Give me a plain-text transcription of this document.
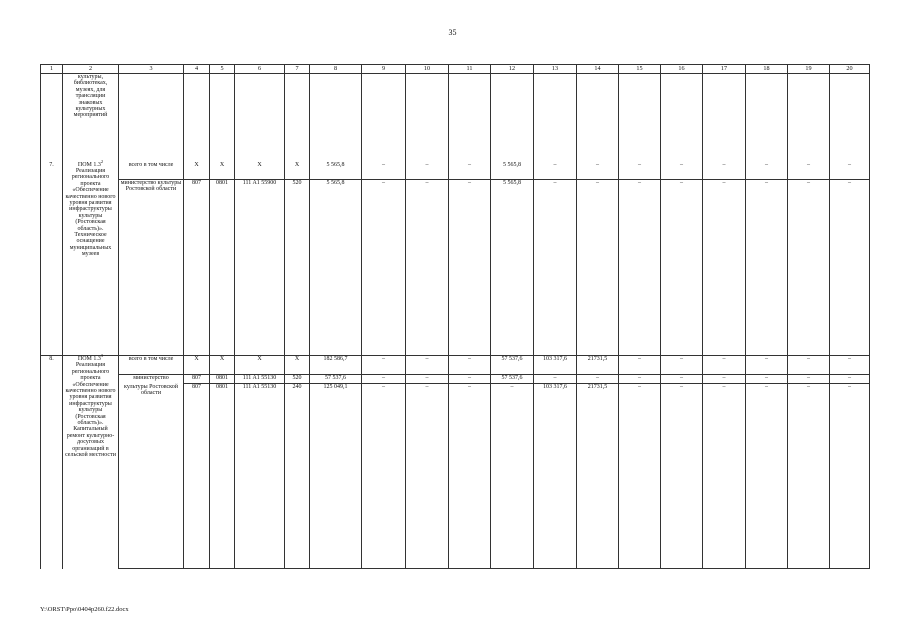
35
1	2	3	4	5	6	7	8	9	10	11	12	13	14	15	16	17	18	19	20
	культуры, библиотеках, музеях, для трансляции знаковых культурных мероприятий																		
7.	ПОМ $1.3^2$ Реализация регионального проекта «Обеспечение качественно нового уровня развития инфраструктуры культуры (Ростовская область)». Техническое оснащение муниципальных музеев	всего в том числе	X	X	X	X	5 565,8	–	–	–	5 565,8	–	–	–	–	–	–	–	–
		министерство культуры Ростовской области	807	0801	111 A1 55900	520	5 565,8	–	–	–	5 565,8	–	–	–	–	–	–	–	–

8.	ПОМ $1.3^3$ Реализация регионального проекта «Обеспечение качественно нового уровня развития инфраструктуры культуры (Ростовская область)». Капитальный ремонт культурно-досуговых организаций в сельской местности	всего в том числе	X	X	X	X	182 586,7	–	–	–	57 537,6	103 317,6	21731,5	–	–	–	–	–	–
		министерство	807	0801	111 A1 55130	520	57 537,6	–	–	–	57 537,6	–	–	–	–	–	–	–	–
		культуры Ростовской области	807	0801	111 A1 55130	240	125 049,1	–	–	–	–	103 317,6	21731,5	–	–	–	–	–	–

Y:\ORST\Ppo\0404p260.f22.docx
